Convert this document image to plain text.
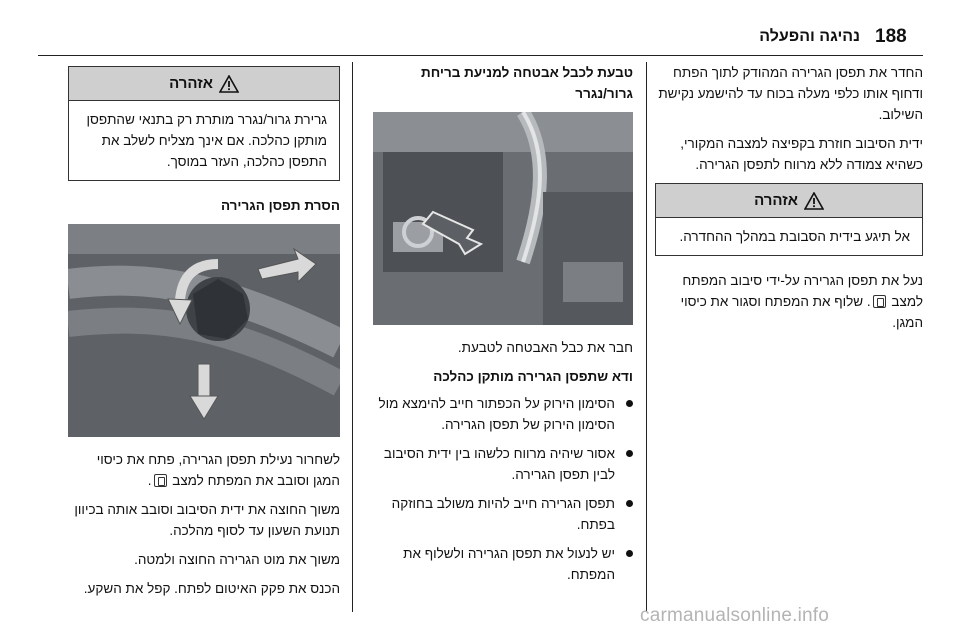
188
נהיגה והפעלה

החדר את תפסן הגרירה המהודק לתוך הפתח ודחוף אותו כלפי מעלה בכוח עד להישמע נקישת השילוב.

ידית הסיבוב חוזרת בקפיצה למצבה המקורי, כשהיא צמודה ללא מרווח לתפסן הגרירה.

אזהרה
אל תיגע בידית הסבובת במהלך ההחדרה.

נעל את תפסן הגרירה על-ידי סיבוב המפתח למצב . שלוף את המפתח וסגור את כיסוי המגן.

טבעת לכבל אבטחה למניעת בריחת גרור/נגרר

חבר את כבל האבטחה לטבעת.

ודא שתפסן הגרירה מותקן כהלכה
הסימון הירוק על הכפתור חייב להימצא מול הסימון הירוק של תפסן הגרירה.
אסור שיהיה מרווח כלשהו בין ידית הסיבוב לבין תפסן הגרירה.
תפסן הגרירה חייב להיות משולב בחוזקה בפתח.
יש לנעול את תפסן הגרירה ולשלוף את המפתח.
אזהרה
גרירת גרור/נגרר מותרת רק בתנאי שהתפסן מותקן כהלכה. אם אינך מצליח לשלב את התפסן כהלכה, העזר במוסך.
הסרת תפסן הגרירה

לשחרור נעילת תפסן הגרירה, פתח את כיסוי המגן וסובב את המפתח למצב .

משוך החוצה את ידית הסיבוב וסובב אותה בכיוון תנועת השעון עד לסוף מהלכה.

משוך את מוט הגרירה החוצה ולמטה.

הכנס את פקק האיטום לפתח. קפל את השקע.

carmanualsonline.info
